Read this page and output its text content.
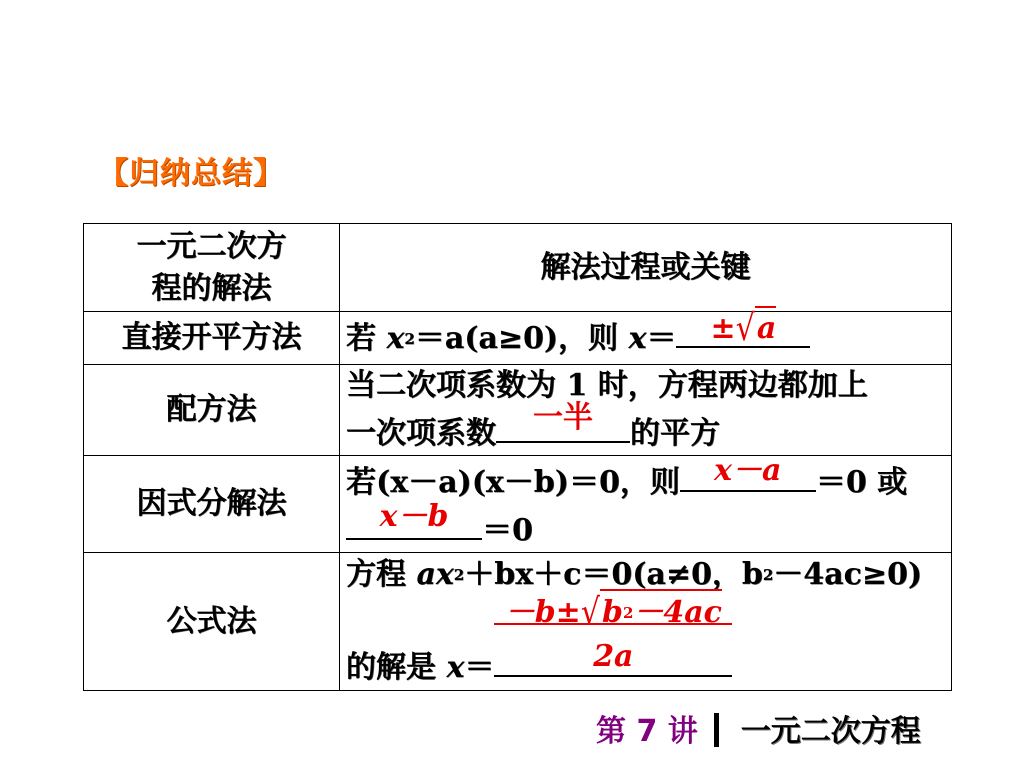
【归纳总结】
一元二次方
程的解法	解法过程或关键
直接开平方法	若 $x^2=a(a\ge 0)$，则 x＝ ±√a

配方法	当二次项系数为 1 时，方程两边都加上
一次项系数 一半 的平方

因式分解法	若(x－a)(x－b)＝0，则 x－a ＝0 或
x－b ＝0

公式法	方程 $ax^2+bx+c=0(a\ne 0$，$b^2-4ac\ge 0$)
的解是 $x= \frac{-b\pm√b^2-4ac}{2a}$
第 7 讲 一元二次方程
